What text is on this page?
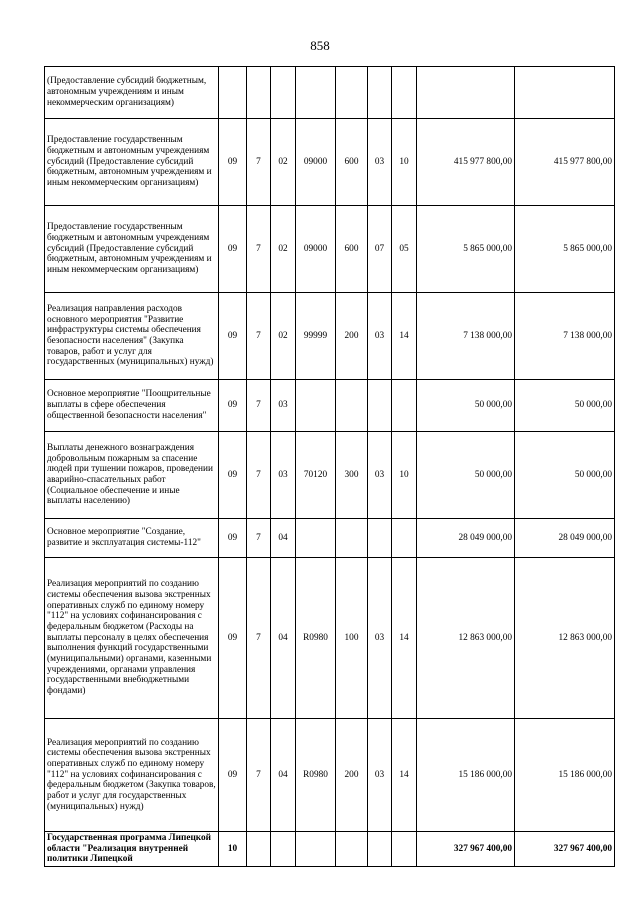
858
(Предоставление субсидий бюджетным, автономным учреждениям и иным некоммерческим организациям)									
Предоставление государственным бюджетным и автономным учреждениям субсидий (Предоставление субсидий бюджетным, автономным учреждениям и иным некоммерческим организациям)	09	7	02	09000	600	03	10	415 977 800,00	415 977 800,00
Предоставление государственным бюджетным и автономным учреждениям субсидий (Предоставление субсидий бюджетным, автономным учреждениям и иным некоммерческим организациям)	09	7	02	09000	600	07	05	5 865 000,00	5 865 000,00
Реализация направления расходов основного мероприятия "Развитие инфраструктуры системы обеспечения безопасности населения" (Закупка товаров, работ и услуг для государственных (муниципальных) нужд)	09	7	02	99999	200	03	14	7 138 000,00	7 138 000,00
Основное мероприятие "Поощрительные выплаты в сфере обеспечения общественной безопасности населения"	09	7	03					50 000,00	50 000,00
Выплаты денежного вознаграждения добровольным пожарным за спасение людей при тушении пожаров, проведении аварийно-спасательных работ (Социальное обеспечение и иные выплаты населению)	09	7	03	70120	300	03	10	50 000,00	50 000,00
Основное мероприятие "Создание, развитие и эксплуатация системы-112"	09	7	04					28 049 000,00	28 049 000,00
Реализация мероприятий по созданию системы обеспечения вызова экстренных оперативных служб по единому номеру "112" на условиях софинансирования с федеральным бюджетом (Расходы на выплаты персоналу в целях обеспечения выполнения функций государственными (муниципальными) органами, казенными учреждениями, органами управления государственными внебюджетными фондами)	09	7	04	R0980	100	03	14	12 863 000,00	12 863 000,00
Реализация мероприятий по созданию системы обеспечения вызова экстренных оперативных служб по единому номеру "112" на условиях софинансирования с федеральным бюджетом (Закупка товаров, работ и услуг для государственных (муниципальных) нужд)	09	7	04	R0980	200	03	14	15 186 000,00	15 186 000,00
Государственная программа Липецкой области "Реализация внутренней политики Липецкой	10							327 967 400,00	327 967 400,00
